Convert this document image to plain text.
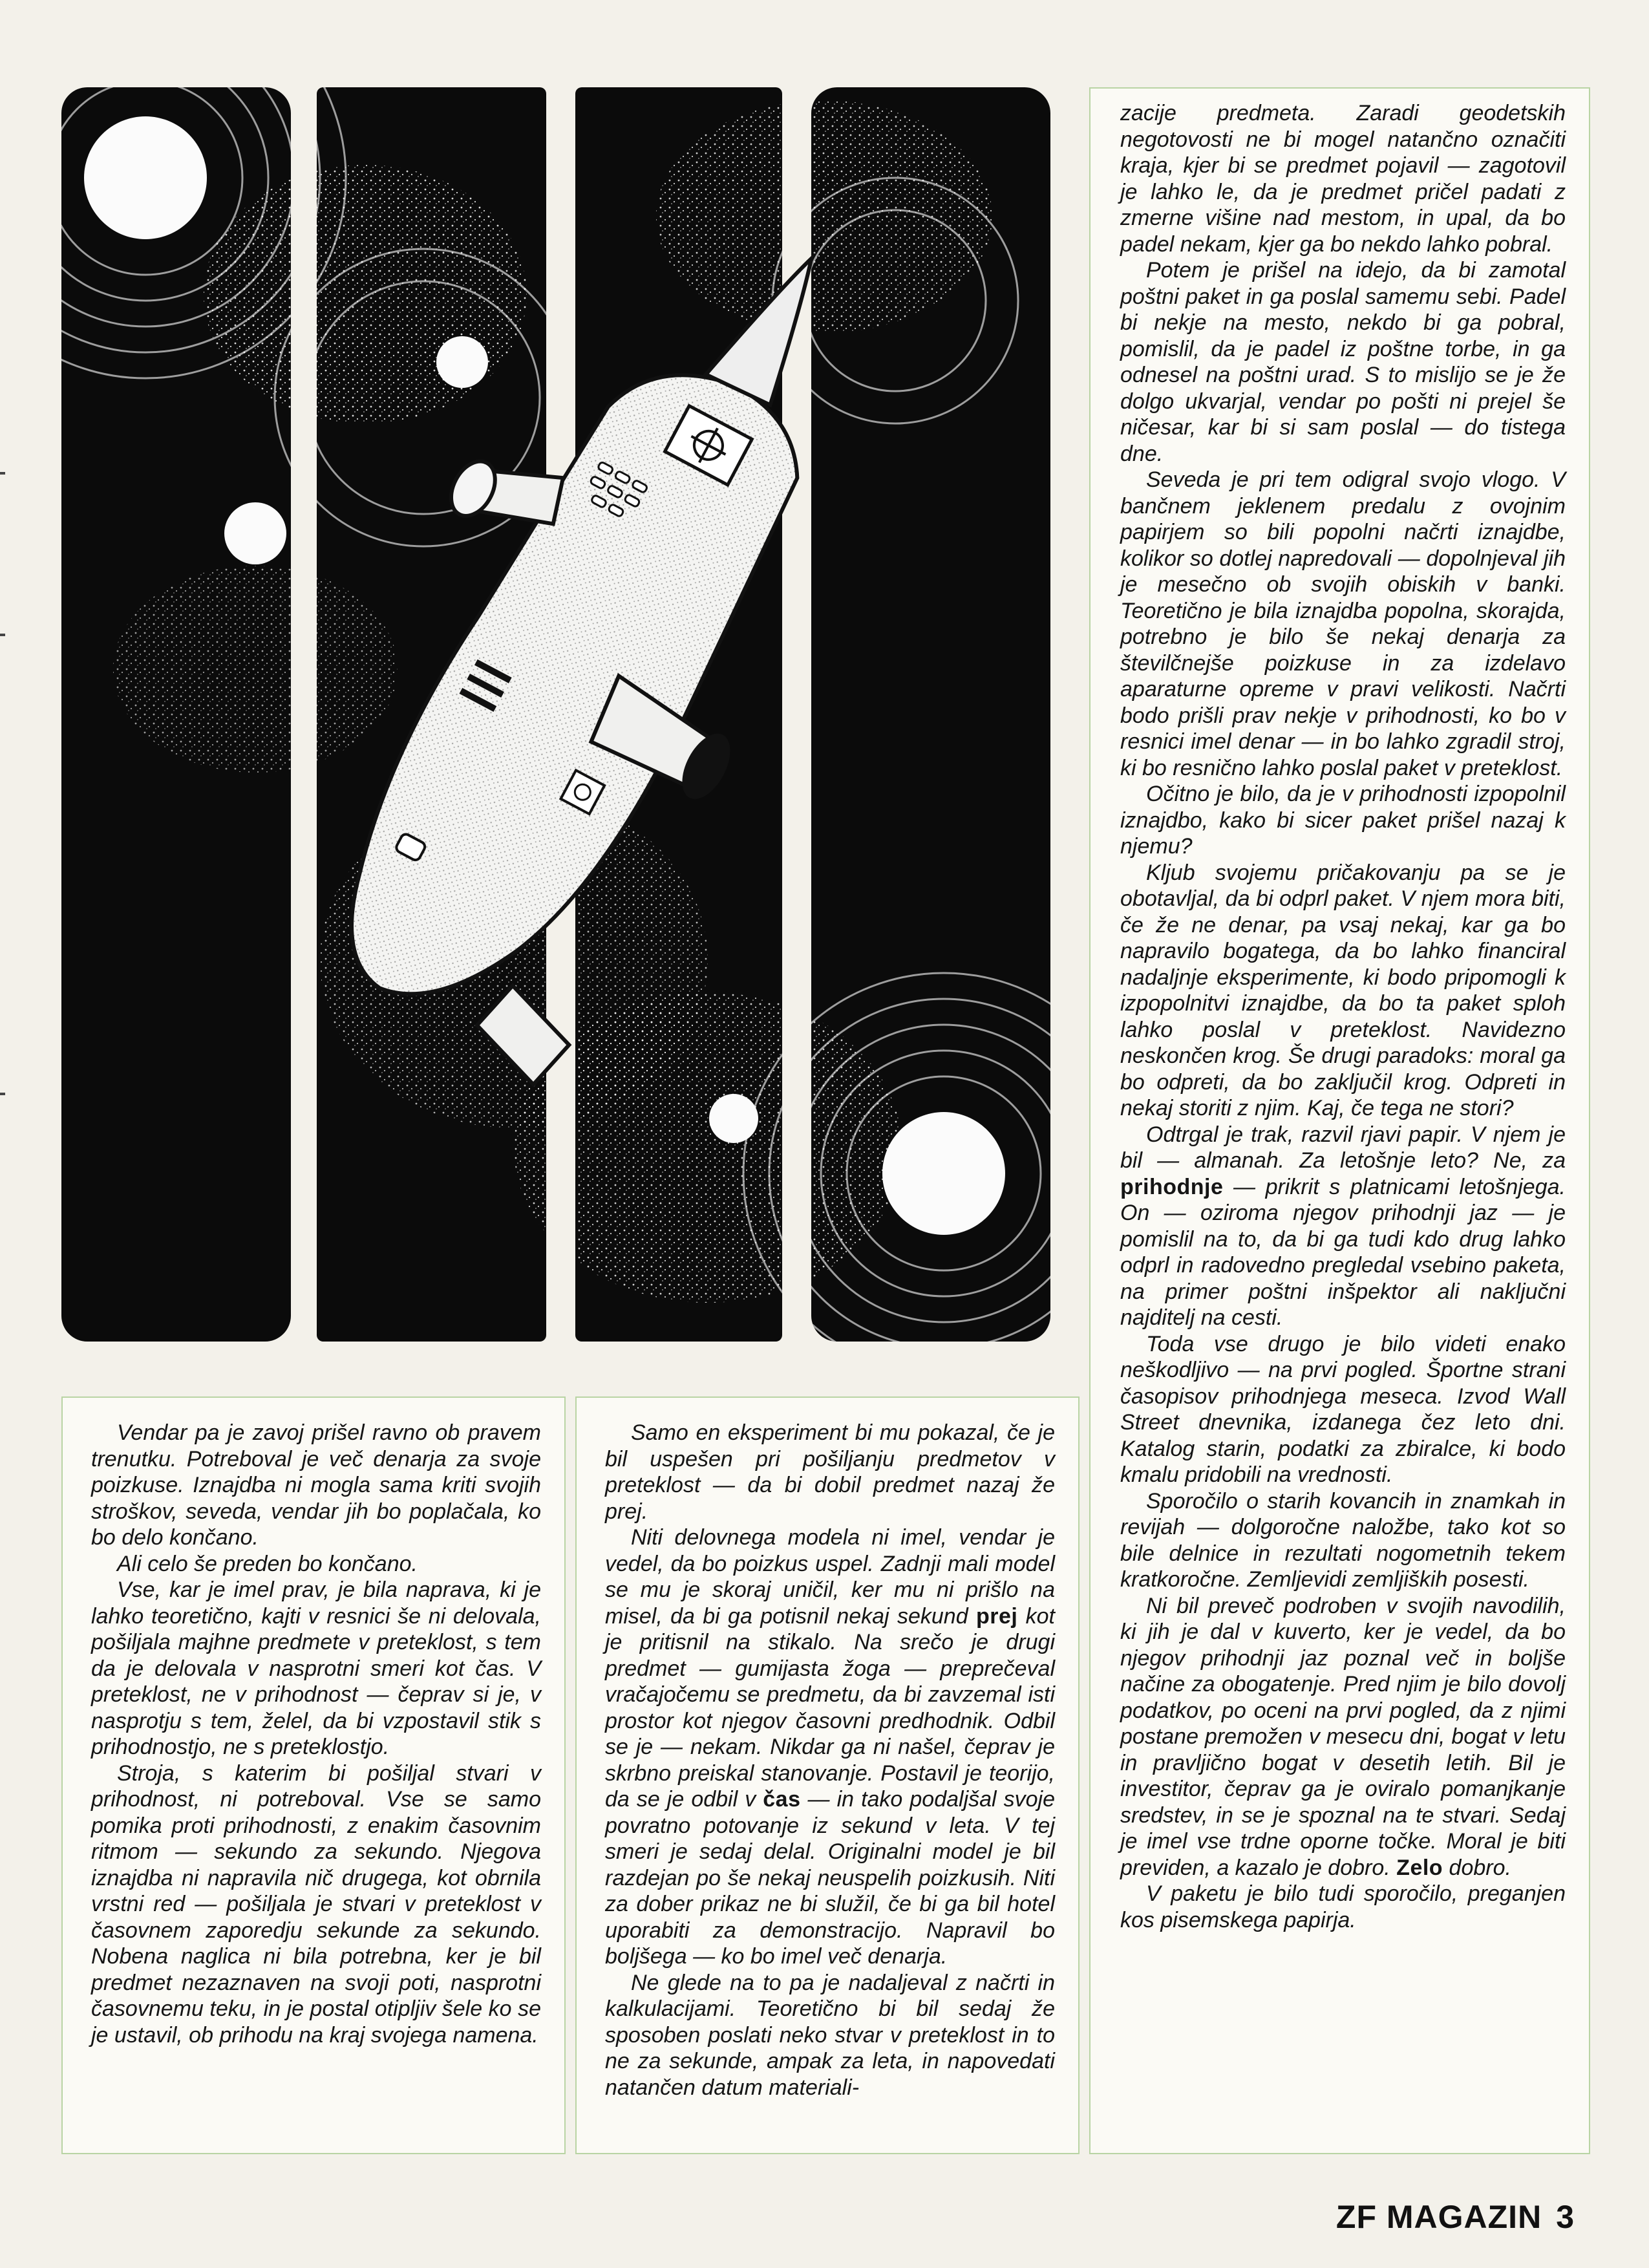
Vendar pa je zavoj prišel ravno ob pravem trenutku. Potreboval je več denarja za svoje poizkuse. Iznajdba ni mogla sama kriti svojih stroškov, seveda, vendar jih bo poplačala, ko bo delo končano.

Ali celo še preden bo končano.

Vse, kar je imel prav, je bila naprava, ki je lahko teoretično, kajti v resnici še ni delovala, pošiljala majhne predmete v preteklost, s tem da je delovala v nasprotni smeri kot čas. V preteklost, ne v prihodnost — čeprav si je, v nasprotju s tem, želel, da bi vzpostavil stik s prihodnostjo, ne s preteklostjo.

Stroja, s katerim bi pošiljal stvari v prihodnost, ni potreboval. Vse se samo pomika proti prihodnosti, z enakim časovnim ritmom — sekundo za sekundo. Njegova iznajdba ni napravila nič drugega, kot obrnila vrstni red — pošiljala je stvari v preteklost v časovnem zaporedju sekunde za sekundo. Nobena naglica ni bila potrebna, ker je bil predmet nezaznaven na svoji poti, nasprotni časovnemu teku, in je postal otipljiv šele ko se je ustavil, ob prihodu na kraj svojega namena.

Samo en eksperiment bi mu pokazal, če je bil uspešen pri pošiljanju predmetov v preteklost — da bi dobil predmet nazaj že prej.

Niti delovnega modela ni imel, vendar je vedel, da bo poizkus uspel. Zadnji mali model se mu je skoraj uničil, ker mu ni prišlo na misel, da bi ga potisnil nekaj sekund prej kot je pritisnil na stikalo. Na srečo je drugi predmet — gumijasta žoga — preprečeval vračajočemu se predmetu, da bi zavzemal isti prostor kot njegov časovni predhodnik. Odbil se je — nekam. Nikdar ga ni našel, čeprav je skrbno preiskal stanovanje. Postavil je teorijo, da se je odbil v čas — in tako podaljšal svoje povratno potovanje iz sekund v leta. V tej smeri je sedaj delal. Originalni model je bil razdejan po še nekaj neuspelih poizkusih. Niti za dober prikaz ne bi služil, če bi ga bil hotel uporabiti za demonstracijo. Napravil bo boljšega — ko bo imel več denarja.

Ne glede na to pa je nadaljeval z načrti in kalkulacijami. Teoretično bi bil sedaj že sposoben poslati neko stvar v preteklost in to ne za sekunde, ampak za leta, in napovedati natančen datum materiali-

zacije predmeta. Zaradi geodetskih negotovosti ne bi mogel natančno označiti kraja, kjer bi se predmet pojavil — zagotovil je lahko le, da je predmet pričel padati z zmerne višine nad mestom, in upal, da bo padel nekam, kjer ga bo nekdo lahko pobral.

Potem je prišel na idejo, da bi zamotal poštni paket in ga poslal samemu sebi. Padel bi nekje na mesto, nekdo bi ga pobral, pomislil, da je padel iz poštne torbe, in ga odnesel na poštni urad. S to mislijo se je že dolgo ukvarjal, vendar po pošti ni prejel še ničesar, kar bi si sam poslal — do tistega dne.

Seveda je pri tem odigral svojo vlogo. V bančnem jeklenem predalu z ovojnim papirjem so bili popolni načrti iznajdbe, kolikor so dotlej napredovali — dopolnjeval jih je mesečno ob svojih obiskih v banki. Teoretično je bila iznajdba popolna, skorajda, potrebno je bilo še nekaj denarja za številčnejše poizkuse in za izdelavo aparaturne opreme v pravi velikosti. Načrti bodo prišli prav nekje v prihodnosti, ko bo v resnici imel denar — in bo lahko zgradil stroj, ki bo resnično lahko poslal paket v preteklost.

Očitno je bilo, da je v prihodnosti izpopolnil iznajdbo, kako bi sicer paket prišel nazaj k njemu?

Kljub svojemu pričakovanju pa se je obotavljal, da bi odprl paket. V njem mora biti, če že ne denar, pa vsaj nekaj, kar ga bo napravilo bogatega, da bo lahko financiral nadaljnje eksperimente, ki bodo pripomogli k izpopolnitvi iznajdbe, da bo ta paket sploh lahko poslal v preteklost. Navidezno neskončen krog. Še drugi paradoks: moral ga bo odpreti, da bo zaključil krog. Odpreti in nekaj storiti z njim. Kaj, če tega ne stori?

Odtrgal je trak, razvil rjavi papir. V njem je bil — almanah. Za letošnje leto? Ne, za prihodnje — prikrit s platnicami letošnjega. On — oziroma njegov prihodnji jaz — je pomislil na to, da bi ga tudi kdo drug lahko odprl in radovedno pregledal vsebino paketa, na primer poštni inšpektor ali naključni najditelj na cesti.

Toda vse drugo je bilo videti enako neškodljivo — na prvi pogled. Športne strani časopisov prihodnjega meseca. Izvod Wall Street dnevnika, izdanega čez leto dni. Katalog starin, podatki za zbiralce, ki bodo kmalu pridobili na vrednosti.

Sporočilo o starih kovancih in znamkah in revijah — dolgoročne naložbe, tako kot so bile delnice in rezultati nogometnih tekem kratkoročne. Zemljevidi zemljiških posesti.

Ni bil preveč podroben v svojih navodilih, ki jih je dal v kuverto, ker je vedel, da bo njegov prihodnji jaz poznal več in boljše načine za obogatenje. Pred njim je bilo dovolj podatkov, po oceni na prvi pogled, da z njimi postane premožen v mesecu dni, bogat v letu in pravljično bogat v desetih letih. Bil je investitor, čeprav ga je oviralo pomanjkanje sredstev, in se je spoznal na te stvari. Sedaj je imel vse trdne oporne točke. Moral je biti previden, a kazalo je dobro. Zelo dobro.

V paketu je bilo tudi sporočilo, preganjen kos pisemskega papirja.

ZF MAGAZIN 3
